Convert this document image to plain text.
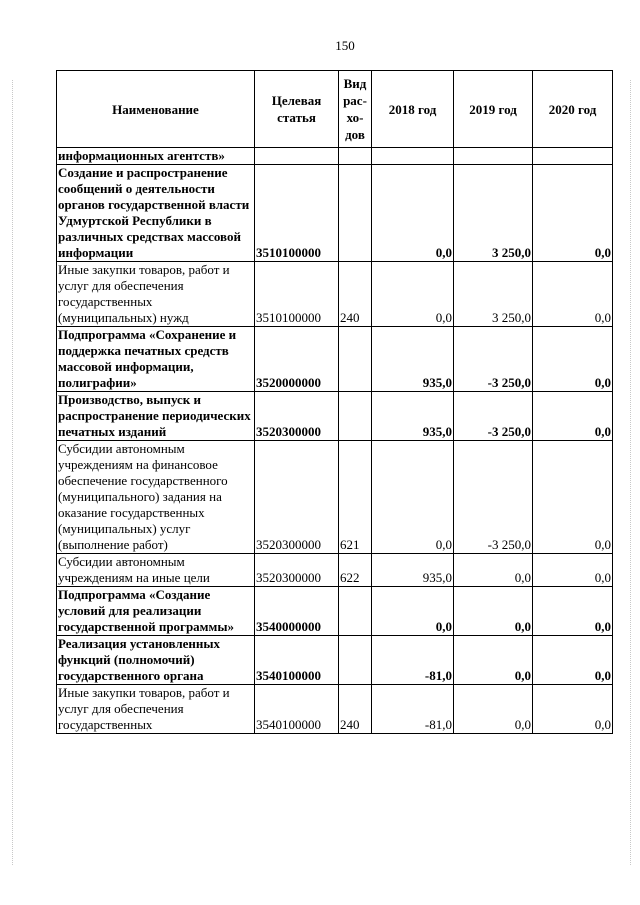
150
Наименование	Целевая статья	Вид рас- хо- дов	2018 год	2019 год	2020 год
информационных агентств»					
Создание и распространение сообщений о деятельности органов государственной власти Удмуртской Республики в различных средствах массовой информации	3510100000		0,0	3 250,0	0,0
Иные закупки товаров, работ и услуг для обеспечения государственных (муниципальных) нужд	3510100000	240	0,0	3 250,0	0,0
Подпрограмма «Сохранение и поддержка печатных средств массовой информации, полиграфии»	3520000000		935,0	-3 250,0	0,0
Производство, выпуск и распространение периодических печатных изданий	3520300000		935,0	-3 250,0	0,0
Субсидии автономным учреждениям на финансовое обеспечение государственного (муниципального) задания на оказание государственных (муниципальных) услуг (выполнение работ)	3520300000	621	0,0	-3 250,0	0,0
Субсидии автономным учреждениям на иные цели	3520300000	622	935,0	0,0	0,0
Подпрограмма «Создание условий для реализации государственной программы»	3540000000		0,0	0,0	0,0
Реализация установленных функций (полномочий) государственного органа	3540100000		-81,0	0,0	0,0
Иные закупки товаров, работ и услуг для обеспечения государственных	3540100000	240	-81,0	0,0	0,0
